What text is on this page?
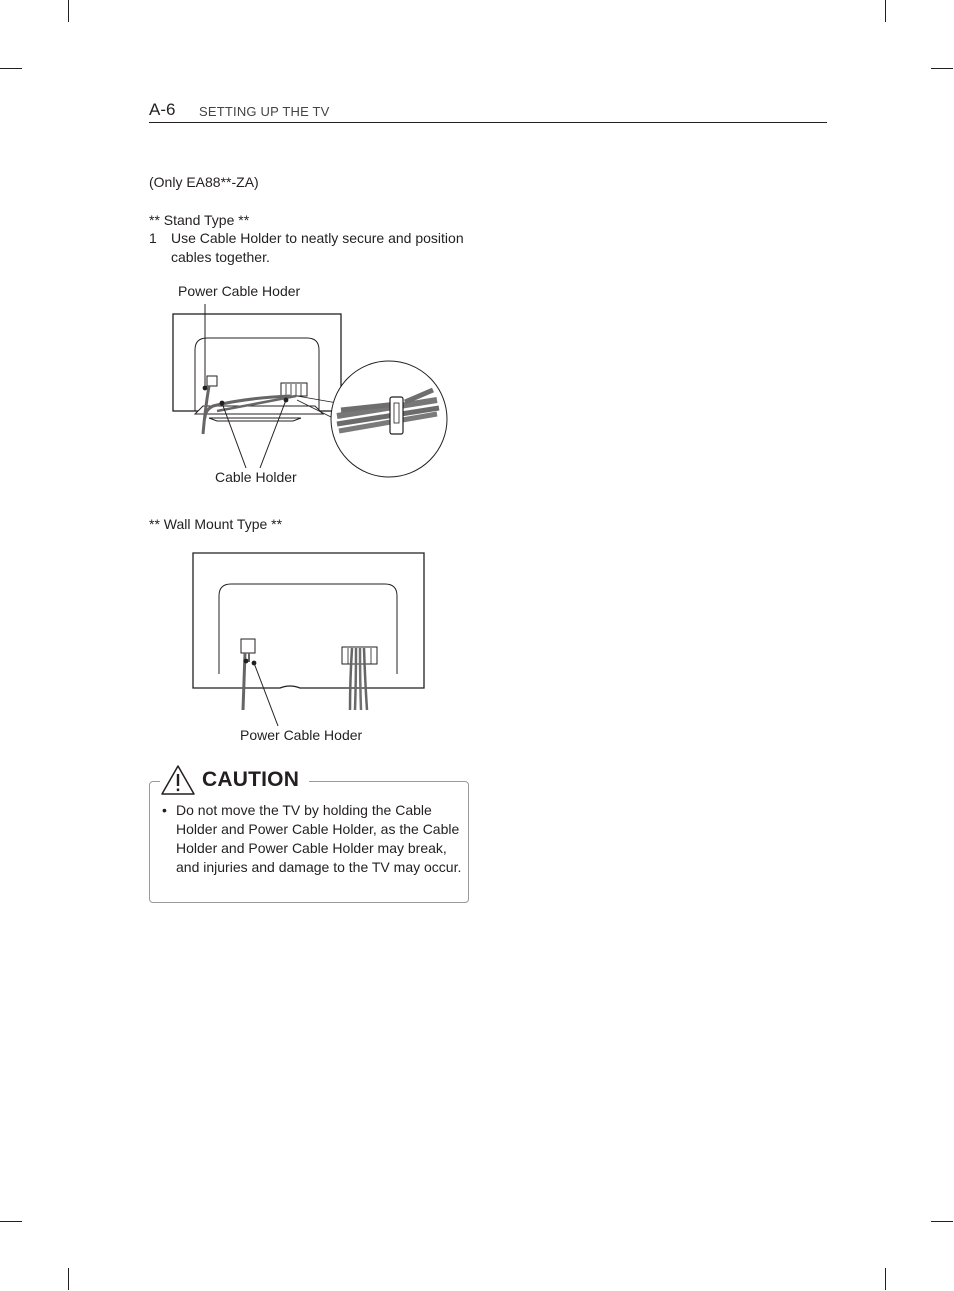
A-6 SETTING UP THE TV
(Only EA88**-ZA)
** Stand Type **
1 Use Cable Holder to neatly secure and position cables together.
Power Cable Hoder
Cable Holder
** Wall Mount Type **
Power Cable Hoder
CAUTION
• Do not move the TV by holding the Cable Holder and Power Cable Holder, as the Cable Holder and Power Cable Holder may break, and injuries and damage to the TV may occur.
